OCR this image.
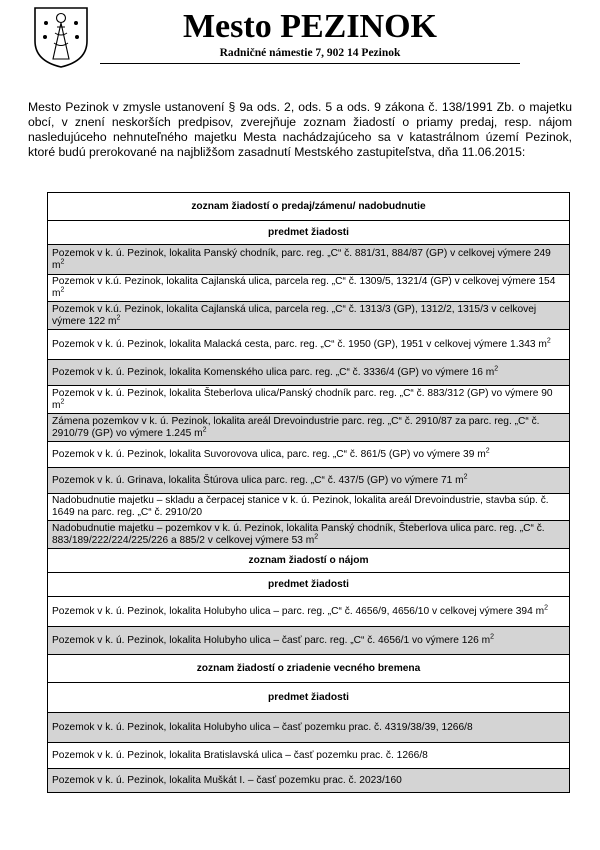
Mesto PEZINOK
Radničné námestie 7, 902 14 Pezinok
Mesto Pezinok v zmysle ustanovení § 9a ods. 2, ods. 5 a ods. 9 zákona č. 138/1991 Zb. o majetku obcí, v znení neskorších predpisov, zverejňuje zoznam žiadostí o priamy predaj, resp. nájom nasledujúceho nehnuteľného majetku Mesta nachádzajúceho sa v katastrálnom území Pezinok, ktoré budú prerokované na najbližšom zasadnutí Mestského zastupiteľstva, dňa 11.06.2015:
zoznam žiadostí o predaj/zámenu/ nadobudnutie
predmet žiadosti
Pozemok v k. ú. Pezinok, lokalita Panský chodník, parc. reg. „C“ č. 881/31, 884/87 (GP) v celkovej výmere 249 $m^2$
Pozemok v k.ú. Pezinok, lokalita Cajlanská ulica, parcela reg. „C“ č. 1309/5, 1321/4 (GP) v celkovej výmere 154 $m^2$
Pozemok v k.ú. Pezinok, lokalita Cajlanská ulica, parcela reg. „C“ č. 1313/3 (GP), 1312/2, 1315/3 v celkovej výmere 122 $m^2$
Pozemok v k. ú. Pezinok, lokalita Malacká cesta, parc. reg. „C“ č. 1950 (GP), 1951 v celkovej výmere 1.343 $m^2$
Pozemok v k. ú. Pezinok, lokalita Komenského ulica parc. reg. „C“ č. 3336/4 (GP) vo výmere 16 $m^2$
Pozemok v k. ú. Pezinok, lokalita Šteberlova ulica/Panský chodník parc. reg. „C“ č. 883/312 (GP) vo výmere 90 $m^2$
Zámena pozemkov v k. ú. Pezinok, lokalita areál Drevoindustrie parc. reg. „C“ č. 2910/87 za parc. reg. „C“ č. 2910/79 (GP) vo výmere 1.245 $m^2$
Pozemok v k. ú. Pezinok, lokalita Suvorovova ulica, parc. reg. „C“ č. 861/5 (GP) vo výmere 39 $m^2$
Pozemok v k. ú. Grinava, lokalita Štúrova ulica parc. reg. „C“ č. 437/5 (GP) vo výmere 71 $m^2$
Nadobudnutie majetku – skladu a čerpacej stanice v k. ú. Pezinok, lokalita areál Drevoindustrie, stavba súp. č. 1649 na parc. reg. „C“ č. 2910/20
Nadobudnutie majetku – pozemkov v k. ú. Pezinok, lokalita Panský chodník, Šteberlova ulica parc. reg. „C“ č. 883/189/222/224/225/226 a 885/2 v celkovej výmere 53 $m^2$
zoznam žiadostí o nájom
predmet žiadosti
Pozemok v k. ú. Pezinok, lokalita Holubyho ulica – parc. reg. „C“ č. 4656/9, 4656/10 v celkovej výmere 394 $m^2$
Pozemok v k. ú. Pezinok, lokalita Holubyho ulica – časť parc. reg. „C“ č. 4656/1 vo výmere 126 $m^2$
zoznam žiadostí o zriadenie vecného bremena
predmet žiadosti
Pozemok v k. ú. Pezinok, lokalita Holubyho ulica – časť pozemku prac. č. 4319/38/39, 1266/8
Pozemok v k. ú. Pezinok, lokalita Bratislavská ulica – časť pozemku prac. č. 1266/8
Pozemok v k. ú. Pezinok, lokalita Muškát I. – časť pozemku prac. č. 2023/160
